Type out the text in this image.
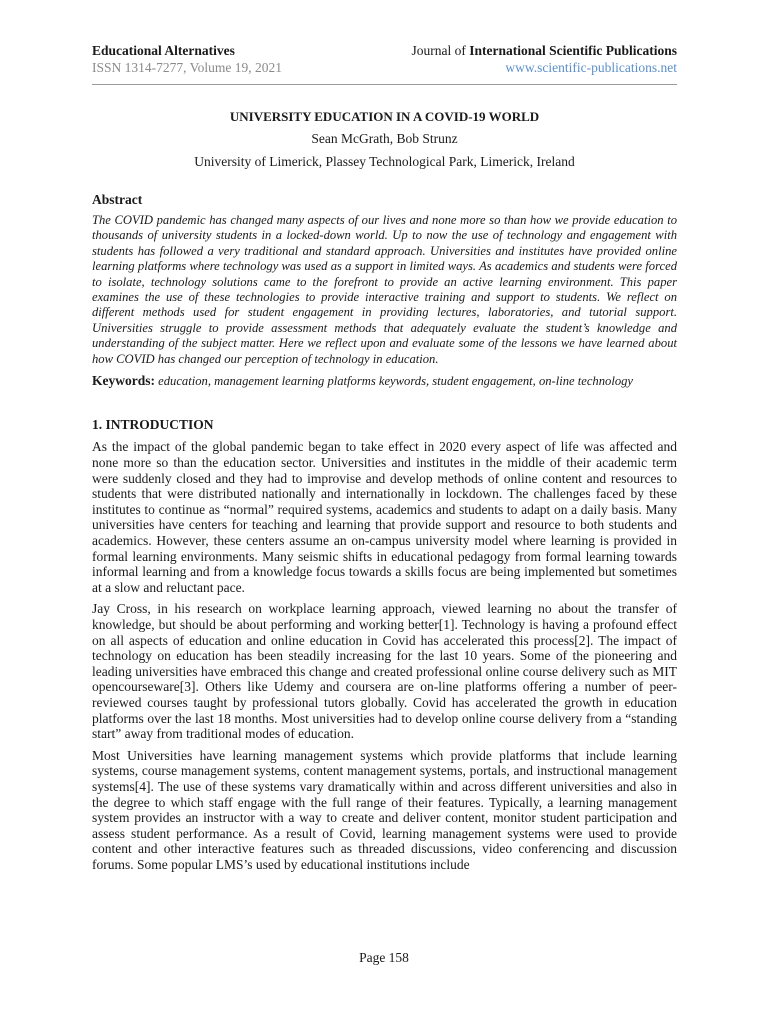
Educational Alternatives
ISSN 1314-7277, Volume 19, 2021
Journal of International Scientific Publications
www.scientific-publications.net
UNIVERSITY EDUCATION IN A COVID-19 WORLD
Sean McGrath, Bob Strunz
University of Limerick, Plassey Technological Park, Limerick, Ireland
Abstract
The COVID pandemic has changed many aspects of our lives and none more so than how we provide education to thousands of university students in a locked-down world. Up to now the use of technology and engagement with students has followed a very traditional and standard approach. Universities and institutes have provided online learning platforms where technology was used as a support in limited ways. As academics and students were forced to isolate, technology solutions came to the forefront to provide an active learning environment. This paper examines the use of these technologies to provide interactive training and support to students. We reflect on different methods used for student engagement in providing lectures, laboratories, and tutorial support. Universities struggle to provide assessment methods that adequately evaluate the student’s knowledge and understanding of the subject matter. Here we reflect upon and evaluate some of the lessons we have learned about how COVID has changed our perception of technology in education.
Keywords: education, management learning platforms keywords, student engagement, on-line technology
1. INTRODUCTION
As the impact of the global pandemic began to take effect in 2020 every aspect of life was affected and none more so than the education sector. Universities and institutes in the middle of their academic term were suddenly closed and they had to improvise and develop methods of online content and resources to students that were distributed nationally and internationally in lockdown. The challenges faced by these institutes to continue as “normal” required systems, academics and students to adapt on a daily basis. Many universities have centers for teaching and learning that provide support and resource to both students and academics. However, these centers assume an on-campus university model where learning is provided in formal learning environments. Many seismic shifts in educational pedagogy from formal learning towards informal learning and from a knowledge focus towards a skills focus are being implemented but sometimes at a slow and reluctant pace.
Jay Cross, in his research on workplace learning approach, viewed learning no about the transfer of knowledge, but should be about performing and working better[1]. Technology is having a profound effect on all aspects of education and online education in Covid has accelerated this process[2]. The impact of technology on education has been steadily increasing for the last 10 years. Some of the pioneering and leading universities have embraced this change and created professional online course delivery such as MIT opencourseware[3]. Others like Udemy and coursera are on-line platforms offering a number of peer-reviewed courses taught by professional tutors globally. Covid has accelerated the growth in education platforms over the last 18 months. Most universities had to develop online course delivery from a “standing start” away from traditional modes of education.
Most Universities have learning management systems which provide platforms that include learning systems, course management systems, content management systems, portals, and instructional management systems[4]. The use of these systems vary dramatically within and across different universities and also in the degree to which staff engage with the full range of their features. Typically, a learning management system provides an instructor with a way to create and deliver content, monitor student participation and assess student performance. As a result of Covid, learning management systems were used to provide content and other interactive features such as threaded discussions, video conferencing and discussion forums. Some popular LMS’s used by educational institutions include
Page 158
